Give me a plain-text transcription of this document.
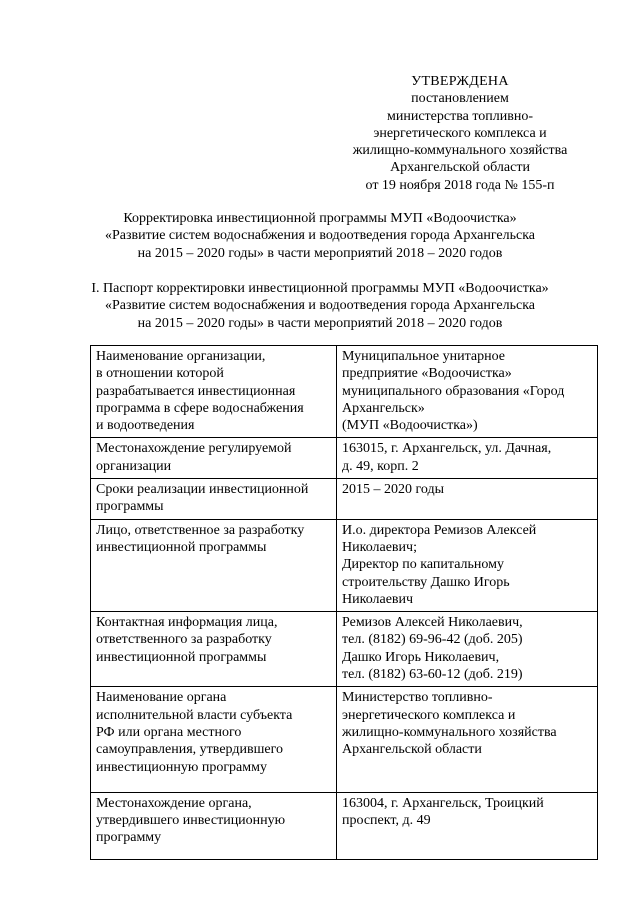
УТВЕРЖДЕНА
постановлением
министерства топливно-
энергетического комплекса и
жилищно-коммунального хозяйства
Архангельской области
от 19 ноября 2018 года № 155-п
Корректировка инвестиционной программы МУП «Водоочистка»
«Развитие систем водоснабжения и водоотведения города Архангельска
на 2015 – 2020 годы» в части мероприятий 2018 – 2020 годов
I. Паспорт корректировки инвестиционной программы МУП «Водоочистка»
«Развитие систем водоснабжения и водоотведения города Архангельска
на 2015 – 2020 годы» в части мероприятий 2018 – 2020 годов
Наименование организации,
в отношении которой
разрабатывается инвестиционная
программа в сфере водоснабжения
и водоотведения	Муниципальное унитарное
предприятие «Водоочистка»
муниципального образования «Город
Архангельск»
(МУП «Водоочистка»)

Местонахождение регулируемой
организации	163015, г. Архангельск, ул. Дачная,
д. 49, корп. 2

Сроки реализации инвестиционной
программы	2015 – 2020 годы

Лицо, ответственное за разработку
инвестиционной программы	И.о. директора Ремизов Алексей
Николаевич;
Директор по капитальному
строительству Дашко Игорь
Николаевич

Контактная информация лица,
ответственного за разработку
инвестиционной программы	Ремизов Алексей Николаевич,
тел. (8182) 69-96-42 (доб. 205)
Дашко Игорь Николаевич,
тел. (8182) 63-60-12 (доб. 219)

Наименование органа
исполнительной власти субъекта
РФ или органа местного
самоуправления, утвердившего
инвестиционную программу	Министерство топливно-
энергетического комплекса и
жилищно-коммунального хозяйства
Архангельской области

Местонахождение органа,
утвердившего инвестиционную
программу	163004, г. Архангельск, Троицкий
проспект, д. 49
